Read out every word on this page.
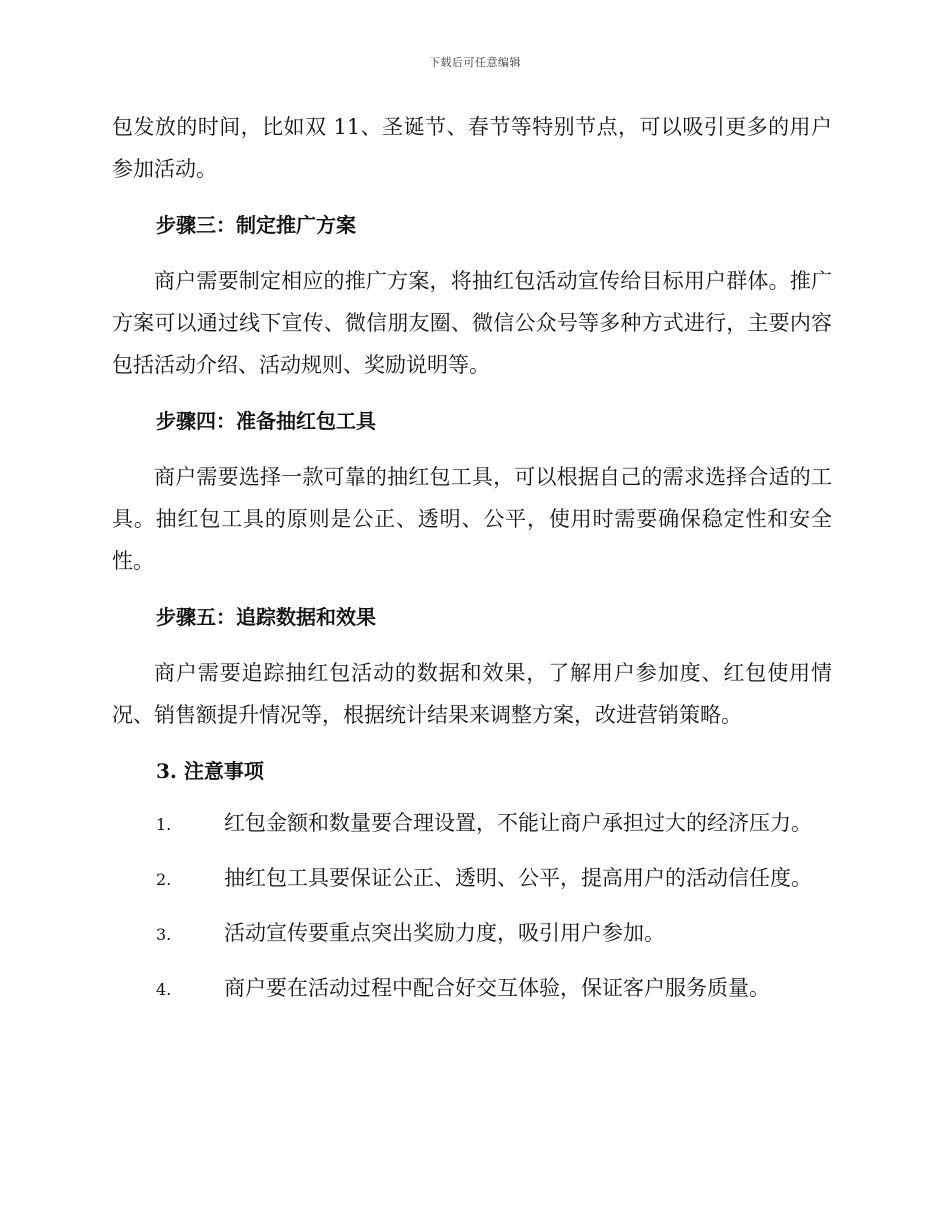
下载后可任意编辑

包发放的时间，比如双 11、圣诞节、春节等特别节点，可以吸引更多的用户参加活动。

步骤三：制定推广方案

商户需要制定相应的推广方案，将抽红包活动宣传给目标用户群体。推广方案可以通过线下宣传、微信朋友圈、微信公众号等多种方式进行，主要内容包括活动介绍、活动规则、奖励说明等。

步骤四：准备抽红包工具

商户需要选择一款可靠的抽红包工具，可以根据自己的需求选择合适的工具。抽红包工具的原则是公正、透明、公平，使用时需要确保稳定性和安全性。

步骤五：追踪数据和效果

商户需要追踪抽红包活动的数据和效果，了解用户参加度、红包使用情况、销售额提升情况等，根据统计结果来调整方案，改进营销策略。

3. 注意事项
1.	红包金额和数量要合理设置，不能让商户承担过大的经济压力。
2.	抽红包工具要保证公正、透明、公平，提高用户的活动信任度。
3.	活动宣传要重点突出奖励力度，吸引用户参加。
4.	商户要在活动过程中配合好交互体验，保证客户服务质量。
